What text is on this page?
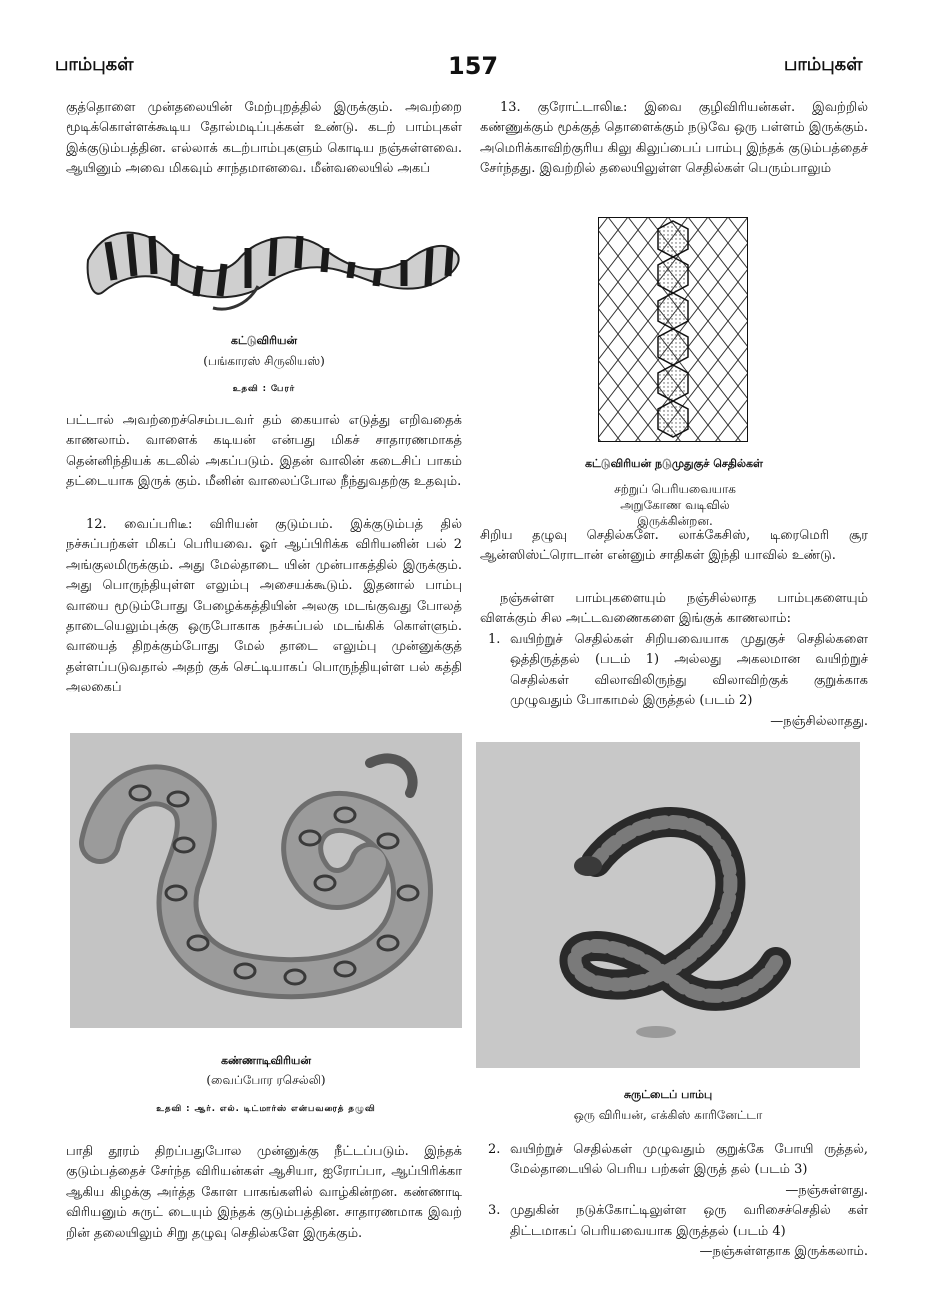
பாம்புகள்	157	பாம்புகள்

குத்தொளை முன்தலையின் மேற்புறத்தில் இருக்கும். அவற்றை மூடிக்கொள்ளக்கூடிய தோல்மடிப்புக்கள் உண்டு. கடற் பாம்புகள் இக்குடும்பத்தின. எல்லாக் கடற்பாம்புகளும் கொடிய நஞ்சுள்ளவை. ஆயினும் அவை மிகவும் சாந்தமானவை. மீன்வலையில் அகப்

கட்டுவிரியன்
(பங்காரஸ் சிருலியஸ்)
உதவி : பேரர்

பட்டால் அவற்றைச்செம்படவர் தம் கையால் எடுத்து எறிவதைக் காணலாம். வாளைக் கடியன் என்பது மிகச் சாதாரணமாகத் தென்னிந்தியக் கடலில் அகப்படும். இதன் வாலின் கடைசிப் பாகம் தட்டையாக இருக் கும். மீனின் வாலைப்போல நீந்துவதற்கு உதவும்.

12. வைப்பரிடீ: விரியன் குடும்பம். இக்குடும்பத் தில் நச்சுப்பற்கள் மிகப் பெரியவை. ஓர் ஆப்பிரிக்க விரியனின் பல் 2 அங்குலமிருக்கும். அது மேல்தாடை யின் முன்பாகத்தில் இருக்கும். அது பொருந்தியுள்ள எலும்பு அசையக்கூடும். இதனால் பாம்பு வாயை மூடும்போது பேழைக்கத்தியின் அலகு மடங்குவது போலத் தாடையெலும்புக்கு ஒருபோகாக நச்சுப்பல் மடங்கிக் கொள்ளும். வாயைத் திறக்கும்போது மேல் தாடை எலும்பு முன்னுக்குத் தள்ளப்படுவதால் அதற் குக் செட்டியாகப் பொருந்தியுள்ள பல் கத்தி அலகைப்

13. குரோட்டாலிடீ: இவை குழிவிரியன்கள். இவற்றில் கண்ணுக்கும் மூக்குத் தொளைக்கும் நடுவே ஒரு பள்ளம் இருக்கும். அமெரிக்காவிற்குரிய கிலு கிலுப்பைப் பாம்பு இந்தக் குடும்பத்தைச் சேர்ந்தது. இவற்றில் தலையிலுள்ள செதில்கள் பெரும்பாலும்

கட்டுவிரியன் நடுமுதுகுச் செதில்கள்
சற்றுப் பெரியவையாக அறுகோண வடிவில் இருக்கின்றன.

சிறிய தழுவு செதில்களே. லாக்கேசிஸ், டிரைமெரி சூர ஆன்ஸிஸ்ட்ரொடான் என்னும் சாதிகள் இந்தி யாவில் உண்டு.

நஞ்சுள்ள பாம்புகளையும் நஞ்சில்லாத பாம்புகளையும் விளக்கும் சில அட்டவணைகளை இங்குக் காணலாம்:

1. வயிற்றுச் செதில்கள் சிறியவையாக முதுகுச் செதில்களை ஒத்திருத்தல் (படம் 1) அல்லது அகலமான வயிற்றுச் செதில்கள் விலாவிலிருந்து விலாவிற்குக் குறுக்காக முழுவதும் போகாமல் இருத்தல் (படம் 2)
—நஞ்சில்லாதது.
கண்ணாடிவிரியன்
(வைப்போர ரசெல்லி)
உதவி : ஆர். எல். டிட்மார்ஸ் என்பவரைத் தழுவி
சுருட்டைப் பாம்பு
ஒரு விரியன், எக்கிஸ் காரினேட்டா

பாதி தூரம் திறப்பதுபோல முன்னுக்கு நீட்டப்படும். இந்தக் குடும்பத்தைச் சேர்ந்த விரியன்கள் ஆசியா, ஐரோப்பா, ஆப்பிரிக்கா ஆகிய கிழக்கு அர்த்த கோள பாகங்களில் வாழ்கின்றன. கண்ணாடி விரியனும் சுருட் டையும் இந்தக் குடும்பத்தின. சாதாரணமாக இவற் றின் தலையிலும் சிறு தழுவு செதில்களே இருக்கும்.

2. வயிற்றுச் செதில்கள் முழுவதும் குறுக்கே போயி ருத்தல், மேல்தாடையில் பெரிய பற்கள் இருத் தல் (படம் 3)
—நஞ்சுள்ளது.
3. முதுகின் நடுக்கோட்டிலுள்ள ஒரு வரிசைச்செதில் கள் திட்டமாகப் பெரியவையாக இருத்தல் (படம் 4)
—நஞ்சுள்ளதாக இருக்கலாம்.
